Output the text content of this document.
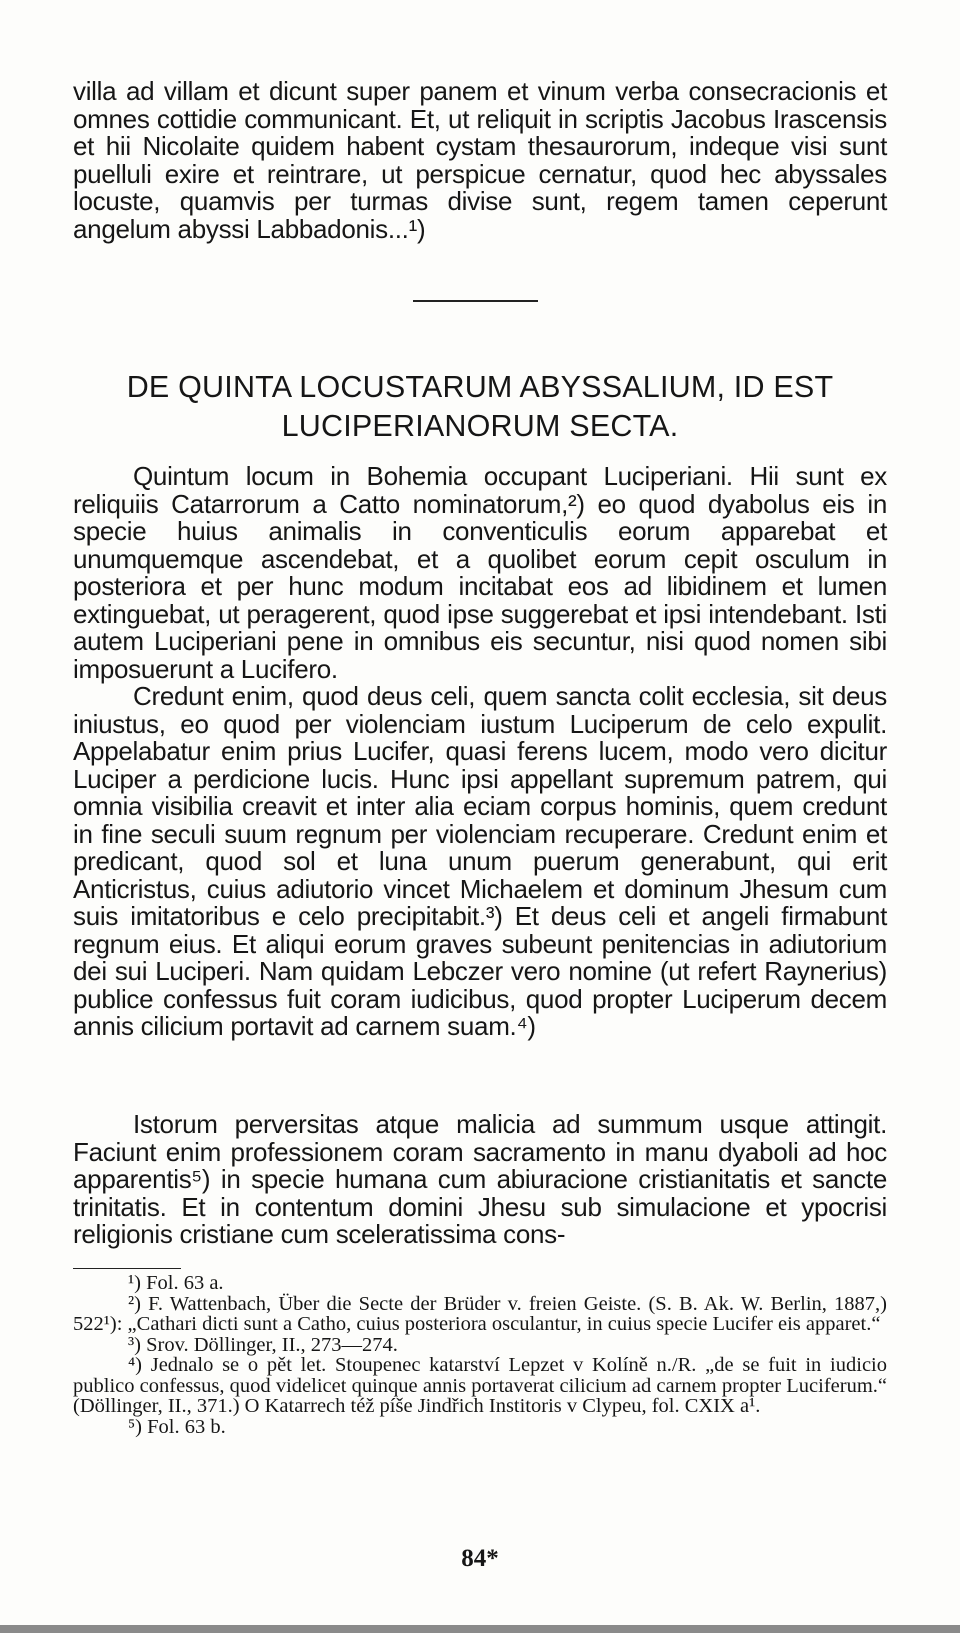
villa ad villam et dicunt super panem et vinum verba consecracionis et omnes cottidie communicant. Et, ut reliquit in scriptis Jacobus Irascensis et hii Nicolaite quidem habent cystam thesaurorum, indeque visi sunt puelluli exire et reintrare, ut perspicue cernatur, quod hec abyssales locuste, quamvis per turmas divise sunt, regem tamen ceperunt angelum abyssi Labbadonis...¹)

DE QUINTA LOCUSTARUM ABYSSALIUM, ID EST
LUCIPERIANORUM SECTA.

Quintum locum in Bohemia occupant Luciperiani. Hii sunt ex reliquiis Catarrorum a Catto nominatorum,²) eo quod dyabolus eis in specie huius animalis in conventiculis eorum apparebat et unumquemque ascendebat, et a quolibet eorum cepit osculum in posteriora et per hunc modum incitabat eos ad libidinem et lumen extinguebat, ut peragerent, quod ipse suggerebat et ipsi intendebant. Isti autem Luciperiani pene in omnibus eis secuntur, nisi quod nomen sibi imposuerunt a Lucifero.

Credunt enim, quod deus celi, quem sancta colit ecclesia, sit deus iniustus, eo quod per violenciam iustum Luciperum de celo expulit. Appelabatur enim prius Lucifer, quasi ferens lucem, modo vero dicitur Luciper a perdicione lucis. Hunc ipsi appellant supremum patrem, qui omnia visibilia creavit et inter alia eciam corpus hominis, quem credunt in fine seculi suum regnum per violenciam recuperare. Credunt enim et predicant, quod sol et luna unum puerum generabunt, qui erit Anticristus, cuius adiutorio vincet Michaelem et dominum Jhesum cum suis imitatoribus e celo precipitabit.³) Et deus celi et angeli firmabunt regnum eius. Et aliqui eorum graves subeunt penitencias in adiutorium dei sui Luciperi. Nam quidam Lebczer vero nomine (ut refert Raynerius) publice confessus fuit coram iudicibus, quod propter Luciperum decem annis cilicium portavit ad carnem suam.⁴)

Istorum perversitas atque malicia ad summum usque attingit. Faciunt enim professionem coram sacramento in manu dyaboli ad hoc apparentis⁵) in specie humana cum abiuracione cristianitatis et sancte trinitatis. Et in contentum domini Jhesu sub simulacione et ypocrisi religionis cristiane cum sceleratissima cons-

¹) Fol. 63 a.

²) F. Wattenbach, Über die Secte der Brüder v. freien Geiste. (S. B. Ak. W. Berlin, 1887,) 522¹): „Cathari dicti sunt a Catho, cuius posteriora osculantur, in cuius specie Lucifer eis apparet.“

³) Srov. Döllinger, II., 273—274.

⁴) Jednalo se o pět let. Stoupenec katarství Lepzet v Kolíně n./R. „de se fuit in iudicio publico confessus, quod videlicet quinque annis portaverat cilicium ad carnem propter Luciferum.“ (Döllinger, II., 371.) O Katarrech též píše Jindřich Institoris v Clypeu, fol. CXIX a¹.

⁵) Fol. 63 b.

84*
